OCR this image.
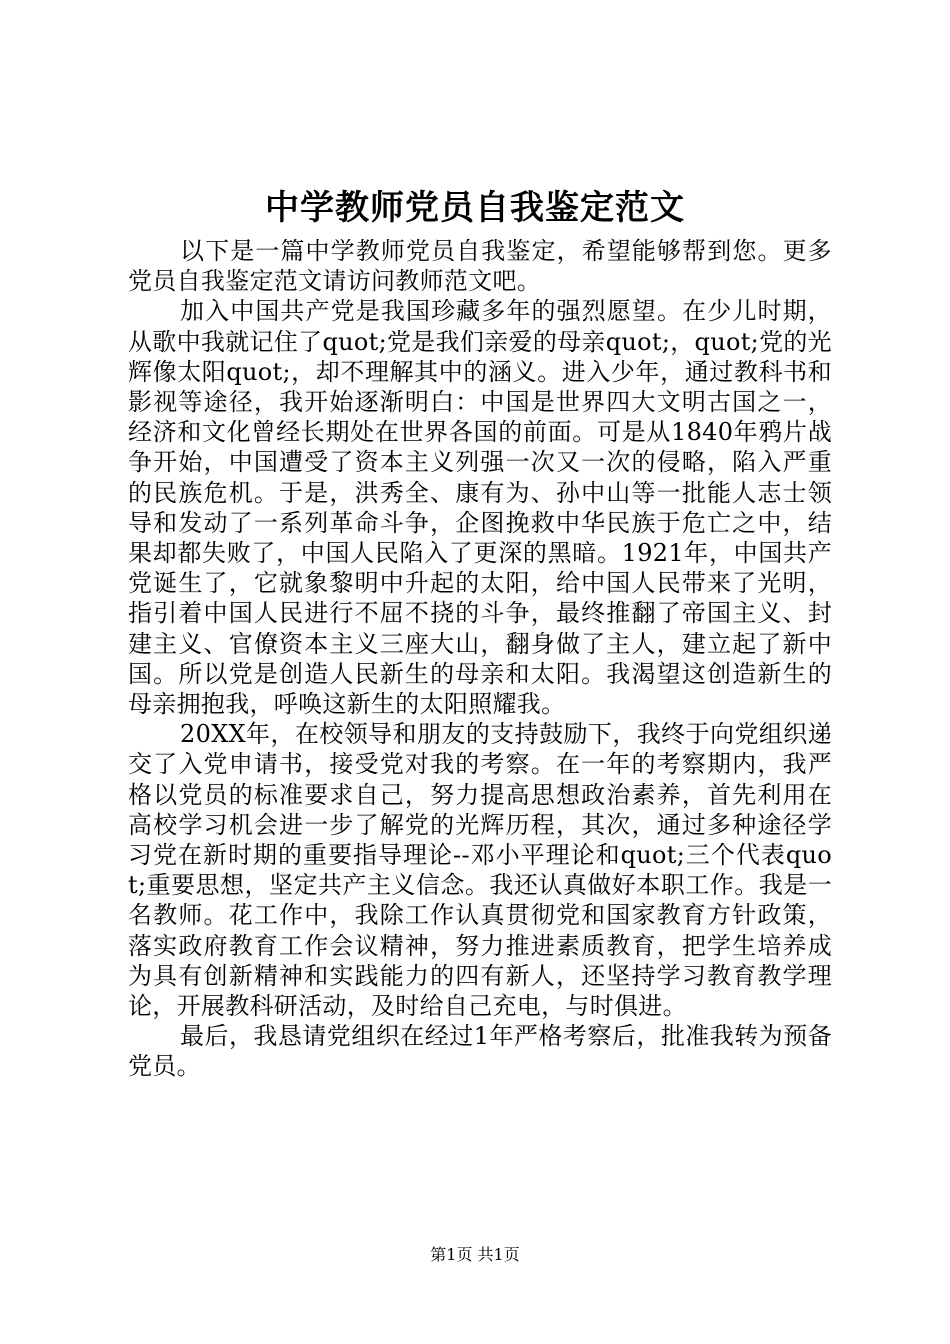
中学教师党员自我鉴定范文

以下是一篇中学教师党员自我鉴定，希望能够帮到您。更多党员自我鉴定范文请访问教师范文吧。

加入中国共产党是我国珍藏多年的强烈愿望。在少儿时期，从歌中我就记住了quot;党是我们亲爱的母亲quot;，quot;党的光辉像太阳quot;，却不理解其中的涵义。进入少年，通过教科书和影视等途径，我开始逐渐明白：中国是世界四大文明古国之一，经济和文化曾经长期处在世界各国的前面。可是从1840年鸦片战争开始，中国遭受了资本主义列强一次又一次的侵略，陷入严重的民族危机。于是，洪秀全、康有为、孙中山等一批能人志士领导和发动了一系列革命斗争，企图挽救中华民族于危亡之中，结果却都失败了，中国人民陷入了更深的黑暗。1921年，中国共产党诞生了，它就象黎明中升起的太阳，给中国人民带来了光明，指引着中国人民进行不屈不挠的斗争，最终推翻了帝国主义、封建主义、官僚资本主义三座大山，翻身做了主人，建立起了新中国。所以党是创造人民新生的母亲和太阳。我渴望这创造新生的母亲拥抱我，呼唤这新生的太阳照耀我。

20XX年，在校领导和朋友的支持鼓励下，我终于向党组织递交了入党申请书，接受党对我的考察。在一年的考察期内，我严格以党员的标准要求自己，努力提高思想政治素养，首先利用在高校学习机会进一步了解党的光辉历程，其次，通过多种途径学习党在新时期的重要指导理论--邓小平理论和quot;三个代表quot;重要思想，坚定共产主义信念。我还认真做好本职工作。我是一名教师。花工作中，我除工作认真贯彻党和国家教育方针政策，落实政府教育工作会议精神，努力推进素质教育，把学生培养成为具有创新精神和实践能力的四有新人，还坚持学习教育教学理论，开展教科研活动，及时给自己充电，与时俱进。

最后，我恳请党组织在经过1年严格考察后，批准我转为预备党员。

第1页 共1页
